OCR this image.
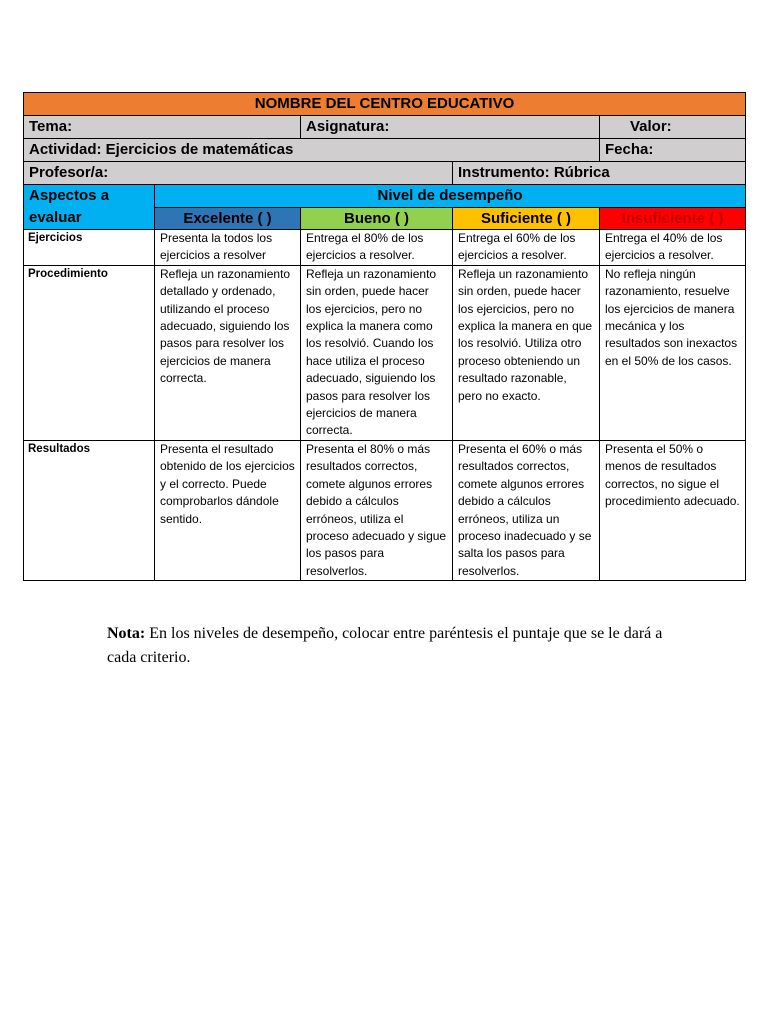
NOMBRE DEL CENTRO EDUCATIVO				
Tema:		Asignatura:		Valor:
Actividad: Ejercicios de matemáticas				Fecha:
Profesor/a:			Instrumento: Rúbrica	
Aspectos a evaluar	Nivel de desempeño			
	Excelente ( )	Bueno ( )	Suficiente ( )	Insuficiente ( )
Ejercicios	Presenta la todos los ejercicios a resolver	Entrega el 80% de los ejercicios a resolver.	Entrega el 60% de los ejercicios a resolver.	Entrega el 40% de los ejercicios a resolver.
Procedimiento	Refleja un razonamiento detallado y ordenado, utilizando el proceso adecuado, siguiendo los pasos para resolver los ejercicios de manera correcta.	Refleja un razonamiento sin orden, puede hacer los ejercicios, pero no explica la manera como los resolvió. Cuando los hace utiliza el proceso adecuado, siguiendo los pasos para resolver los ejercicios de manera correcta.	Refleja un razonamiento sin orden, puede hacer los ejercicios, pero no explica la manera en que los resolvió. Utiliza otro proceso obteniendo un resultado razonable, pero no exacto.	No refleja ningún razonamiento, resuelve los ejercicios de manera mecánica y los resultados son inexactos en el 50% de los casos.
Resultados	Presenta el resultado obtenido de los ejercicios y el correcto. Puede comprobarlos dándole sentido.	Presenta el 80% o más resultados correctos, comete algunos errores debido a cálculos erróneos, utiliza el proceso adecuado y sigue los pasos para resolverlos.	Presenta el 60% o más resultados correctos, comete algunos errores debido a cálculos erróneos, utiliza un proceso inadecuado y se salta los pasos para resolverlos.	Presenta el 50% o menos de resultados correctos, no sigue el procedimiento adecuado.

Nota: En los niveles de desempeño, colocar entre paréntesis el puntaje que se le dará a cada criterio.
